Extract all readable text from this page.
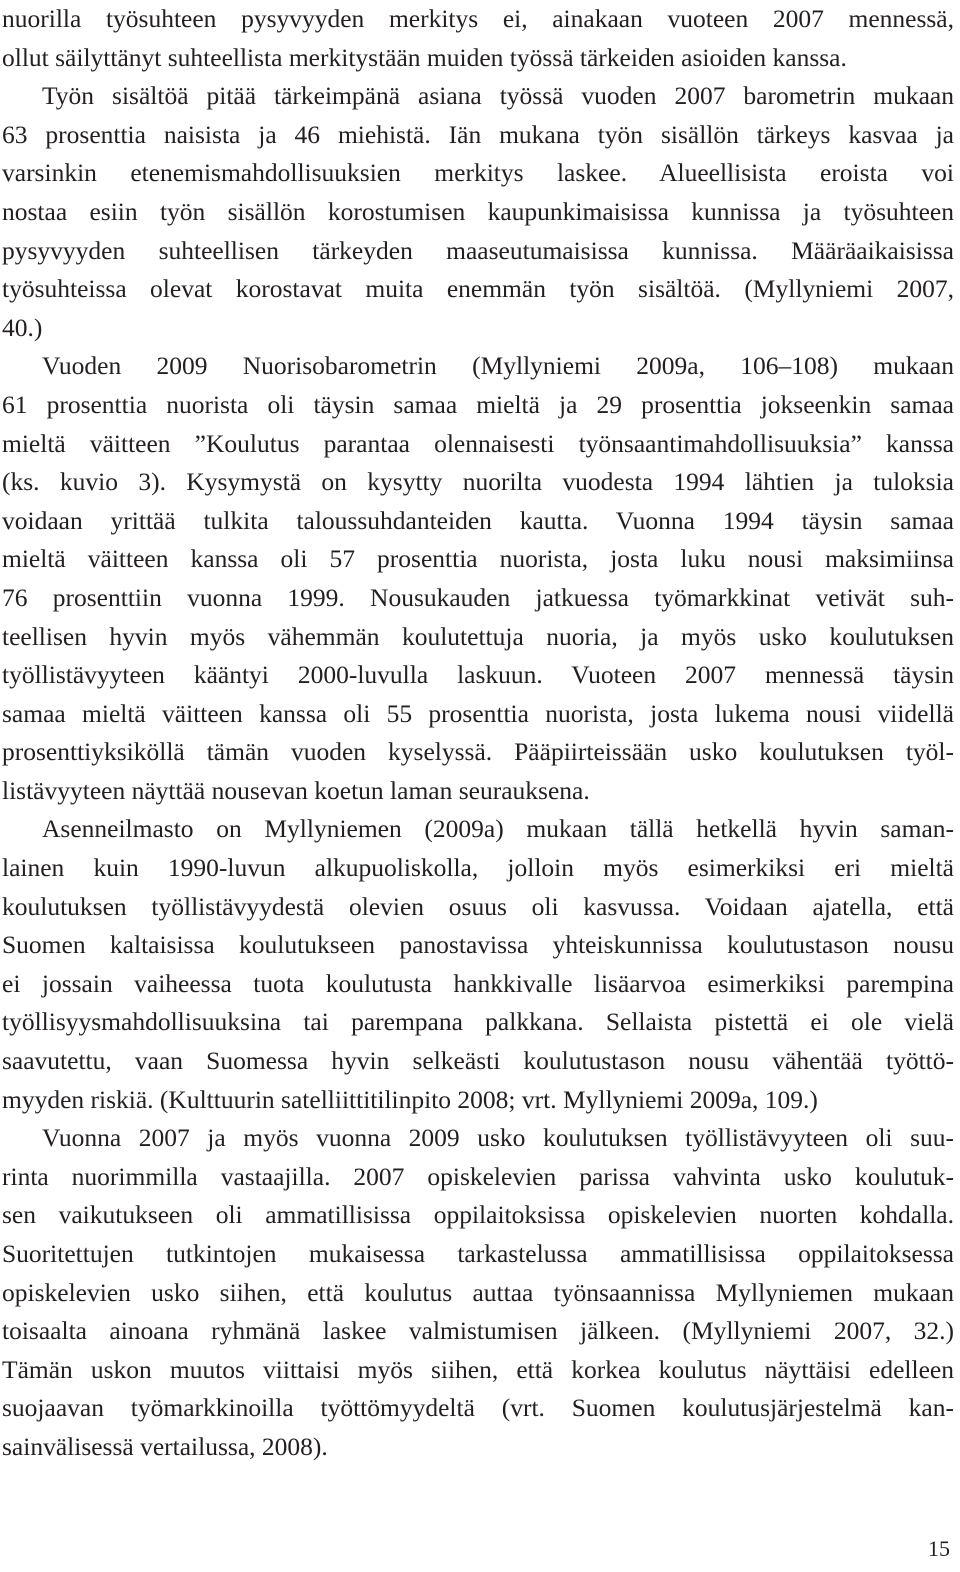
nuorilla työsuhteen pysyvyyden merkitys ei, ainakaan vuoteen 2007 mennessä,
ollut säilyttänyt suhteellista merkitystään muiden työssä tärkeiden asioiden kanssa.
Työn sisältöä pitää tärkeimpänä asiana työssä vuoden 2007 barometrin mukaan
63 prosenttia naisista ja 46 miehistä. Iän mukana työn sisällön tärkeys kasvaa ja
varsinkin etenemismahdollisuuksien merkitys laskee. Alueellisista eroista voi
nostaa esiin työn sisällön korostumisen kaupunkimaisissa kunnissa ja työsuhteen
pysyvyyden suhteellisen tärkeyden maaseutumaisissa kunnissa. Määräaikaisissa
työsuhteissa olevat korostavat muita enemmän työn sisältöä. (Myllyniemi 2007,
40.)
Vuoden 2009 Nuorisobarometrin (Myllyniemi 2009a, 106–108) mukaan
61 prosenttia nuorista oli täysin samaa mieltä ja 29 prosenttia jokseenkin samaa
mieltä väitteen ”Koulutus parantaa olennaisesti työnsaantimahdollisuuksia” kanssa
(ks. kuvio 3). Kysymystä on kysytty nuorilta vuodesta 1994 lähtien ja tuloksia
voidaan yrittää tulkita taloussuhdanteiden kautta. Vuonna 1994 täysin samaa
mieltä väitteen kanssa oli 57 prosenttia nuorista, josta luku nousi maksimiinsa
76 prosenttiin vuonna 1999. Nousukauden jatkuessa työmarkkinat vetivät suh-
teellisen hyvin myös vähemmän koulutettuja nuoria, ja myös usko koulutuksen
työllistävyyteen kääntyi 2000-luvulla laskuun. Vuoteen 2007 mennessä täysin
samaa mieltä väitteen kanssa oli 55 prosenttia nuorista, josta lukema nousi viidellä
prosenttiyksiköllä tämän vuoden kyselyssä. Pääpiirteissään usko koulutuksen työl-
listävyyteen näyttää nousevan koetun laman seurauksena.
Asenneilmasto on Myllyniemen (2009a) mukaan tällä hetkellä hyvin saman-
lainen kuin 1990-luvun alkupuoliskolla, jolloin myös esimerkiksi eri mieltä
koulutuksen työllistävyydestä olevien osuus oli kasvussa. Voidaan ajatella, että
Suomen kaltaisissa koulutukseen panostavissa yhteiskunnissa koulutustason nousu
ei jossain vaiheessa tuota koulutusta hankkivalle lisäarvoa esimerkiksi parempina
työllisyysmahdollisuuksina tai parempana palkkana. Sellaista pistettä ei ole vielä
saavutettu, vaan Suomessa hyvin selkeästi koulutustason nousu vähentää työttö-
myyden riskiä. (Kulttuurin satelliittitilinpito 2008; vrt. Myllyniemi 2009a, 109.)
Vuonna 2007 ja myös vuonna 2009 usko koulutuksen työllistävyyteen oli suu-
rinta nuorimmilla vastaajilla. 2007 opiskelevien parissa vahvinta usko koulutuk-
sen vaikutukseen oli ammatillisissa oppilaitoksissa opiskelevien nuorten kohdalla.
Suoritettujen tutkintojen mukaisessa tarkastelussa ammatillisissa oppilaitoksessa
opiskelevien usko siihen, että koulutus auttaa työnsaannissa Myllyniemen mukaan
toisaalta ainoana ryhmänä laskee valmistumisen jälkeen. (Myllyniemi 2007, 32.)
Tämän uskon muutos viittaisi myös siihen, että korkea koulutus näyttäisi edelleen
suojaavan työmarkkinoilla työttömyydeltä (vrt. Suomen koulutusjärjestelmä kan-
sainvälisessä vertailussa, 2008).
15
